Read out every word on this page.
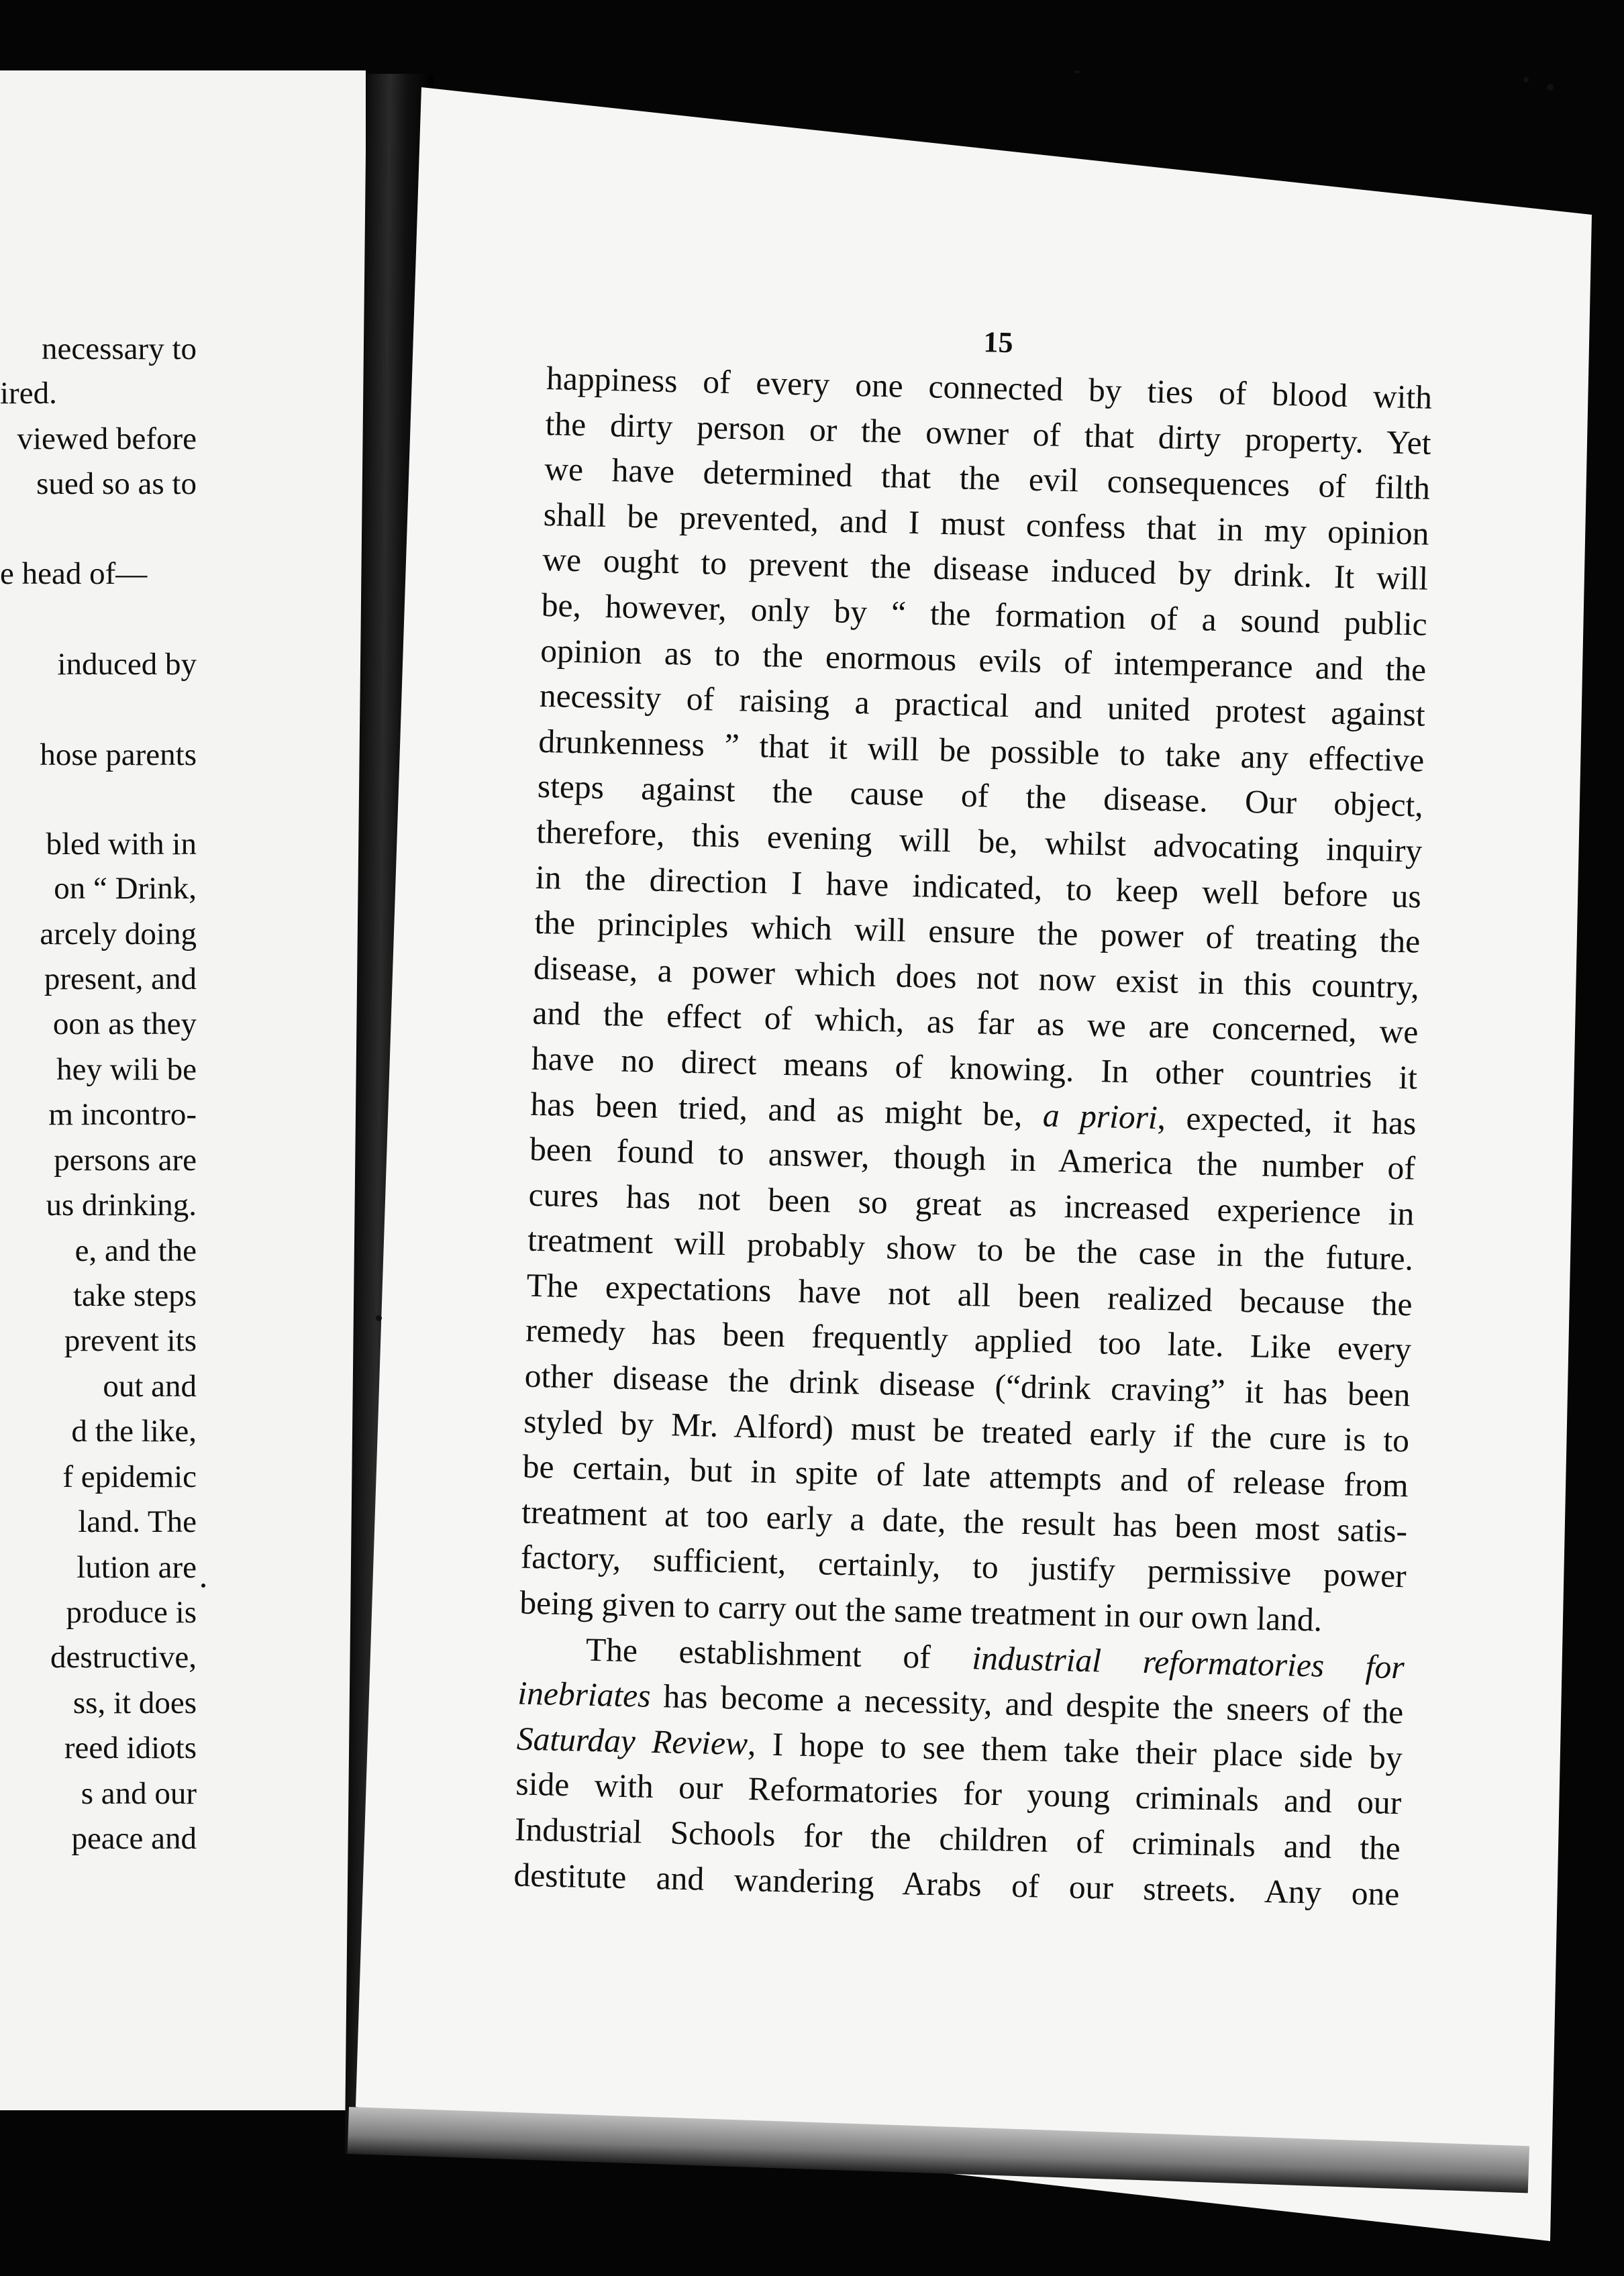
necessary to
ired.
viewed before
sued so as to
e head of—
induced by
hose parents
bled with in
on “ Drink,
arcely doing
present, and
oon as they
hey wili be
m incontro-
persons are
us drinking.
e, and the
take steps
prevent its
out and
d the like,
f epidemic
land. The
lution are
produce is
destructive,
ss, it does
reed idiots
s and our
peace and
15
happiness of every one connected by ties of blood with
the dirty person or the owner of that dirty property. Yet
we have determined that the evil consequences of filth
shall be prevented, and I must confess that in my opinion
we ought to prevent the disease induced by drink. It will
be, however, only by “ the formation of a sound public
opinion as to the enormous evils of intemperance and the
necessity of raising a practical and united protest against
drunkenness ” that it will be possible to take any effective
steps against the cause of the disease. Our object,
therefore, this evening will be, whilst advocating inquiry
in the direction I have indicated, to keep well before us
the principles which will ensure the power of treating the
disease, a power which does not now exist in this country,
and the effect of which, as far as we are concerned, we
have no direct means of knowing. In other countries it
has been tried, and as might be, a priori, expected, it has
been found to answer, though in America the number of
cures has not been so great as increased experience in
treatment will probably show to be the case in the future.
The expectations have not all been realized because the
remedy has been frequently applied too late. Like every
other disease the drink disease (“drink craving” it has been
styled by Mr. Alford) must be treated early if the cure is to
be certain, but in spite of late attempts and of release from
treatment at too early a date, the result has been most satis-
factory, sufficient, certainly, to justify permissive power
being given to carry out the same treatment in our own land.
The establishment of industrial reformatories for
inebriates has become a necessity, and despite the sneers of the
Saturday Review, I hope to see them take their place side by
side with our Reformatories for young criminals and our
Industrial Schools for the children of criminals and the
destitute and wandering Arabs of our streets. Any one
